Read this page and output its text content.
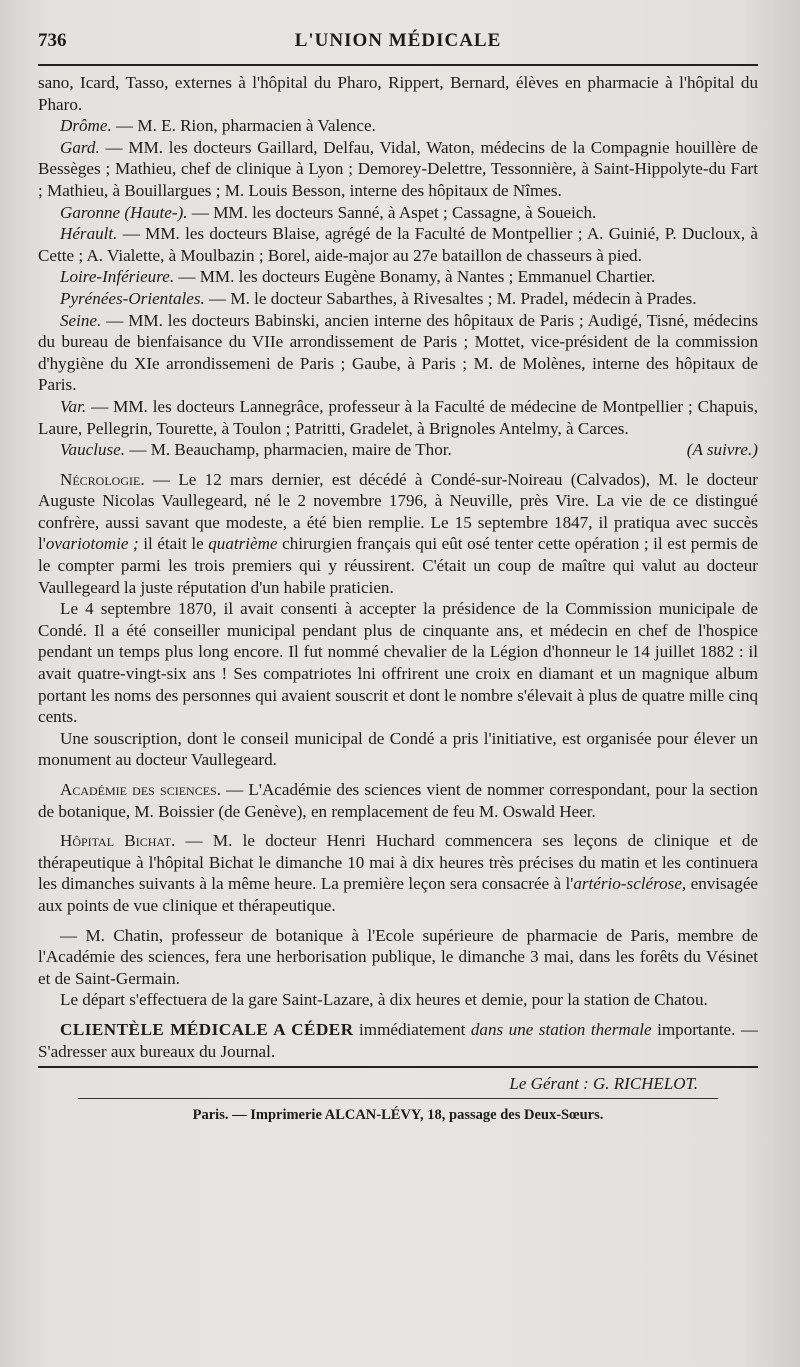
736	L'UNION MÉDICALE

sano, Icard, Tasso, externes à l'hôpital du Pharo, Rippert, Bernard, élèves en pharmacie à l'hôpital du Pharo.

Drôme. — M. E. Rion, pharmacien à Valence.

Gard. — MM. les docteurs Gaillard, Delfau, Vidal, Waton, médecins de la Compagnie houillère de Bessèges ; Mathieu, chef de clinique à Lyon ; Demorey-Delettre, Tessonnière, à Saint-Hippolyte-du Fart ; Mathieu, à Bouillargues ; M. Louis Besson, interne des hôpitaux de Nîmes.

Garonne (Haute-). — MM. les docteurs Sanné, à Aspet ; Cassagne, à Soueich.

Hérault. — MM. les docteurs Blaise, agrégé de la Faculté de Montpellier ; A. Guinié, P. Ducloux, à Cette ; A. Vialette, à Moulbazin ; Borel, aide-major au 27e bataillon de chasseurs à pied.

Loire-Inférieure. — MM. les docteurs Eugène Bonamy, à Nantes ; Emmanuel Chartier.

Pyrénées-Orientales. — M. le docteur Sabarthes, à Rivesaltes ; M. Pradel, médecin à Prades.

Seine. — MM. les docteurs Babinski, ancien interne des hôpitaux de Paris ; Audigé, Tisné, médecins du bureau de bienfaisance du VIIe arrondissement de Paris ; Mottet, vice-président de la commission d'hygiène du XIe arrondissemeni de Paris ; Gaube, à Paris ; M. de Molènes, interne des hôpitaux de Paris.

Var. — MM. les docteurs Lannegrâce, professeur à la Faculté de médecine de Montpellier ; Chapuis, Laure, Pellegrin, Tourette, à Toulon ; Patritti, Gradelet, à Brignoles Antelmy, à Carces.

Vaucluse. — M. Beauchamp, pharmacien, maire de Thor.	(A suivre.)

Nécrologie. — Le 12 mars dernier, est décédé à Condé-sur-Noireau (Calvados), M. le docteur Auguste Nicolas Vaullegeard, né le 2 novembre 1796, à Neuville, près Vire. La vie de ce distingué confrère, aussi savant que modeste, a été bien remplie. Le 15 septembre 1847, il pratiqua avec succès l'ovariotomie ; il était le quatrième chirurgien français qui eût osé tenter cette opération ; il est permis de le compter parmi les trois premiers qui y réussirent. C'était un coup de maître qui valut au docteur Vaullegeard la juste réputation d'un habile praticien.

Le 4 septembre 1870, il avait consenti à accepter la présidence de la Commission municipale de Condé. Il a été conseiller municipal pendant plus de cinquante ans, et médecin en chef de l'hospice pendant un temps plus long encore. Il fut nommé chevalier de la Légion d'honneur le 14 juillet 1882 : il avait quatre-vingt-six ans ! Ses compatriotes lni offrirent une croix en diamant et un magnique album portant les noms des personnes qui avaient souscrit et dont le nombre s'élevait à plus de quatre mille cinq cents.

Une souscription, dont le conseil municipal de Condé a pris l'initiative, est organisée pour élever un monument au docteur Vaullegeard.

Académie des sciences. — L'Académie des sciences vient de nommer correspondant, pour la section de botanique, M. Boissier (de Genève), en remplacement de feu M. Oswald Heer.

Hôpital Bichat. — M. le docteur Henri Huchard commencera ses leçons de clinique et de thérapeutique à l'hôpital Bichat le dimanche 10 mai à dix heures très précises du matin et les continuera les dimanches suivants à la même heure. La première leçon sera consacrée à l'artério-sclérose, envisagée aux points de vue clinique et thérapeutique.

— M. Chatin, professeur de botanique à l'Ecole supérieure de pharmacie de Paris, membre de l'Académie des sciences, fera une herborisation publique, le dimanche 3 mai, dans les forêts du Vésinet et de Saint-Germain.

Le départ s'effectuera de la gare Saint-Lazare, à dix heures et demie, pour la station de Chatou.

CLIENTÈLE MÉDICALE A CÉDER immédiatement dans une station thermale importante. — S'adresser aux bureaux du Journal.

Le Gérant : G. RICHELOT.
Paris. — Imprimerie ALCAN-LÉVY, 18, passage des Deux-Sœurs.
